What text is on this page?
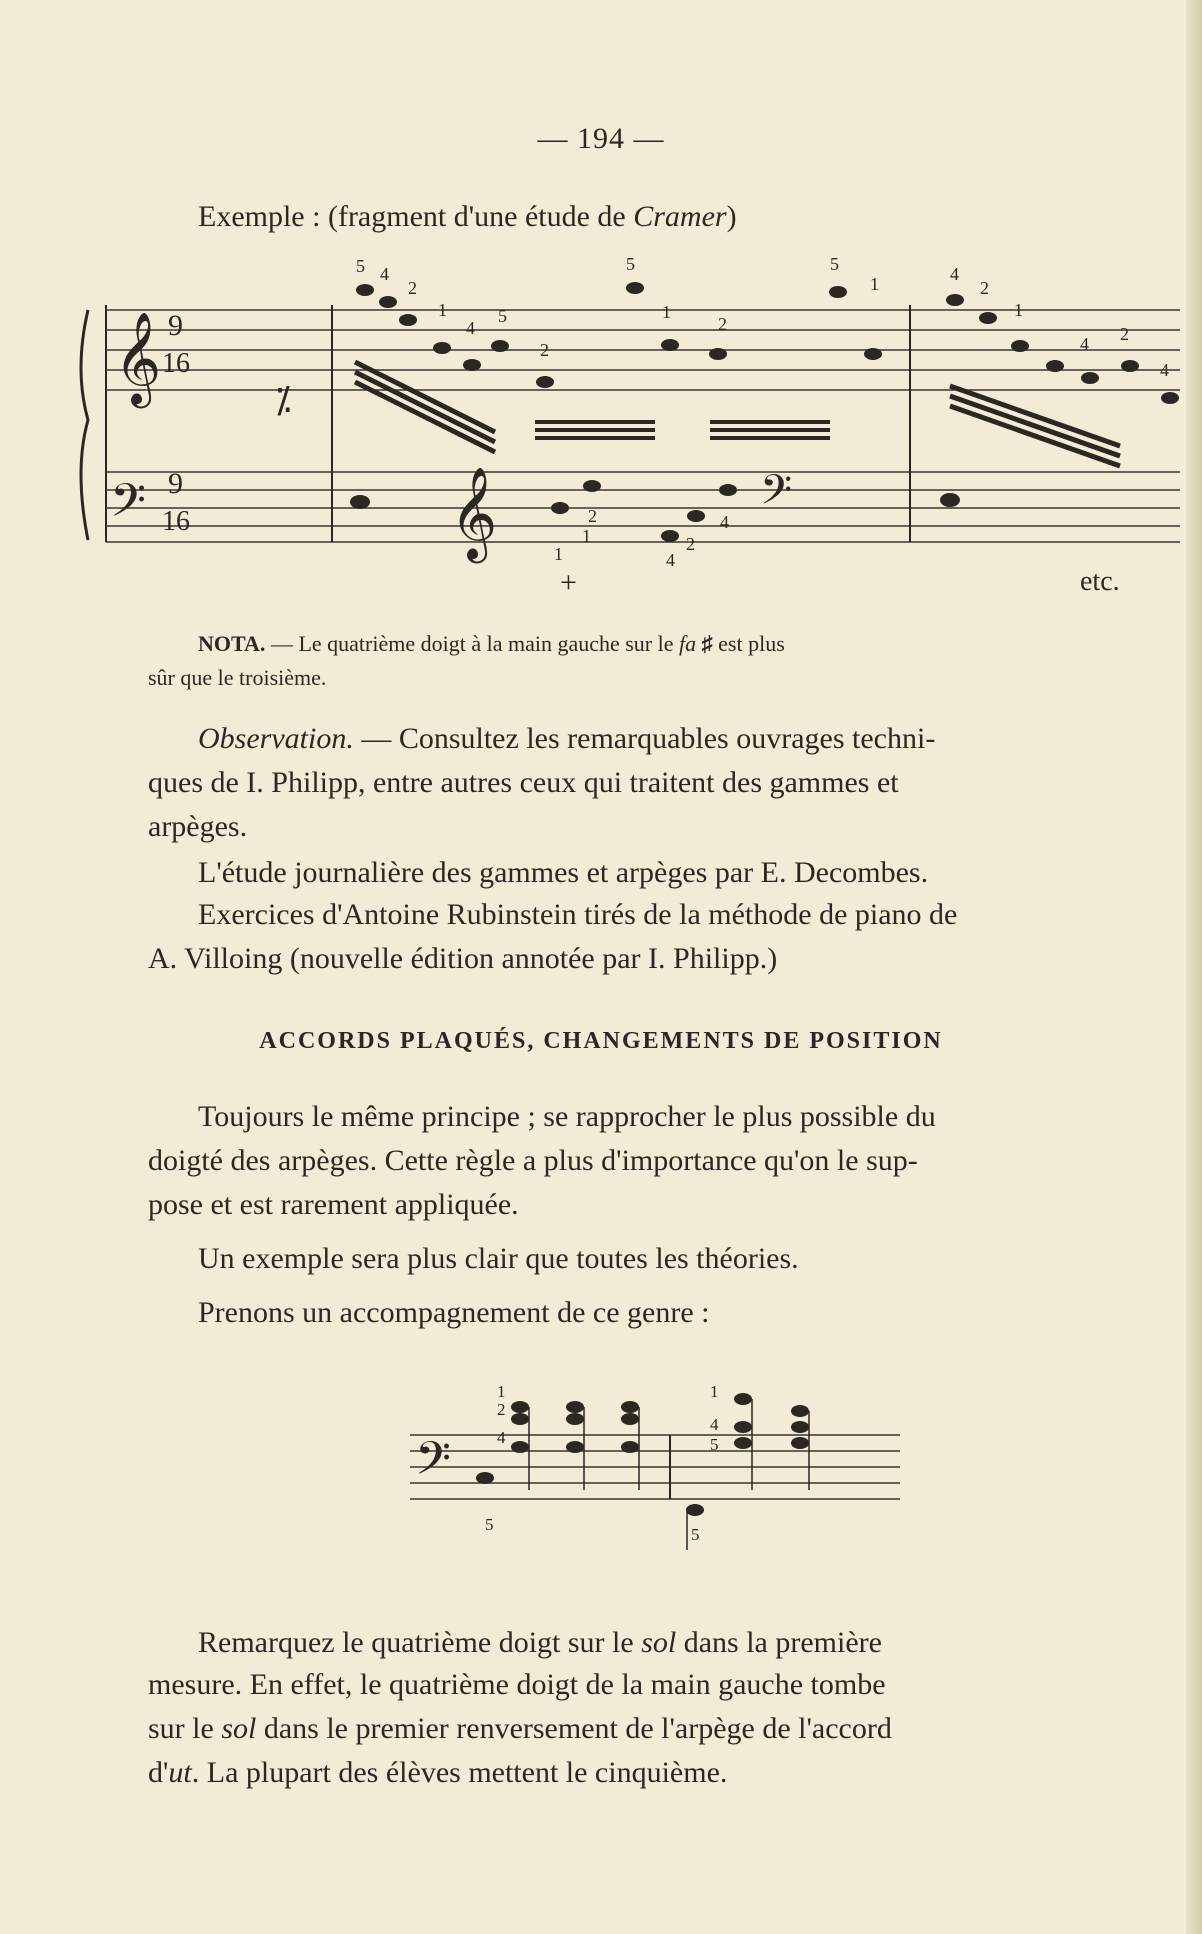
— 194 —
Exemple : (fragment d'une étude de Cramer)
𝄞
𝄢
9
16
9
16
⁒
5 4
2
1
4
5
2
5
1
2
5
1	4
2
1
4 2
4
𝄞	𝄢
1
1
2
4
2
4
+	etc.
NOTA. — Le quatrième doigt à la main gauche sur le fa ♯ est plus
sûr que le troisième.
Observation. — Consultez les remarquables ouvrages techni-
ques de I. Philipp, entre autres ceux qui traitent des gammes et
arpèges.
L'étude journalière des gammes et arpèges par E. Decombes.
Exercices d'Antoine Rubinstein tirés de la méthode de piano de
A. Villoing (nouvelle édition annotée par I. Philipp.)
ACCORDS PLAQUÉS, CHANGEMENTS DE POSITION
Toujours le même principe ; se rapprocher le plus possible du
doigté des arpèges. Cette règle a plus d'importance qu'on le sup-
pose et est rarement appliquée.
Un exemple sera plus clair que toutes les théories.
Prenons un accompagnement de ce genre :
𝄢
1
2
4
5
1
4
5
5
Remarquez le quatrième doigt sur le sol dans la première
mesure. En effet, le quatrième doigt de la main gauche tombe
sur le sol dans le premier renversement de l'arpège de l'accord
d'ut. La plupart des élèves mettent le cinquième.
